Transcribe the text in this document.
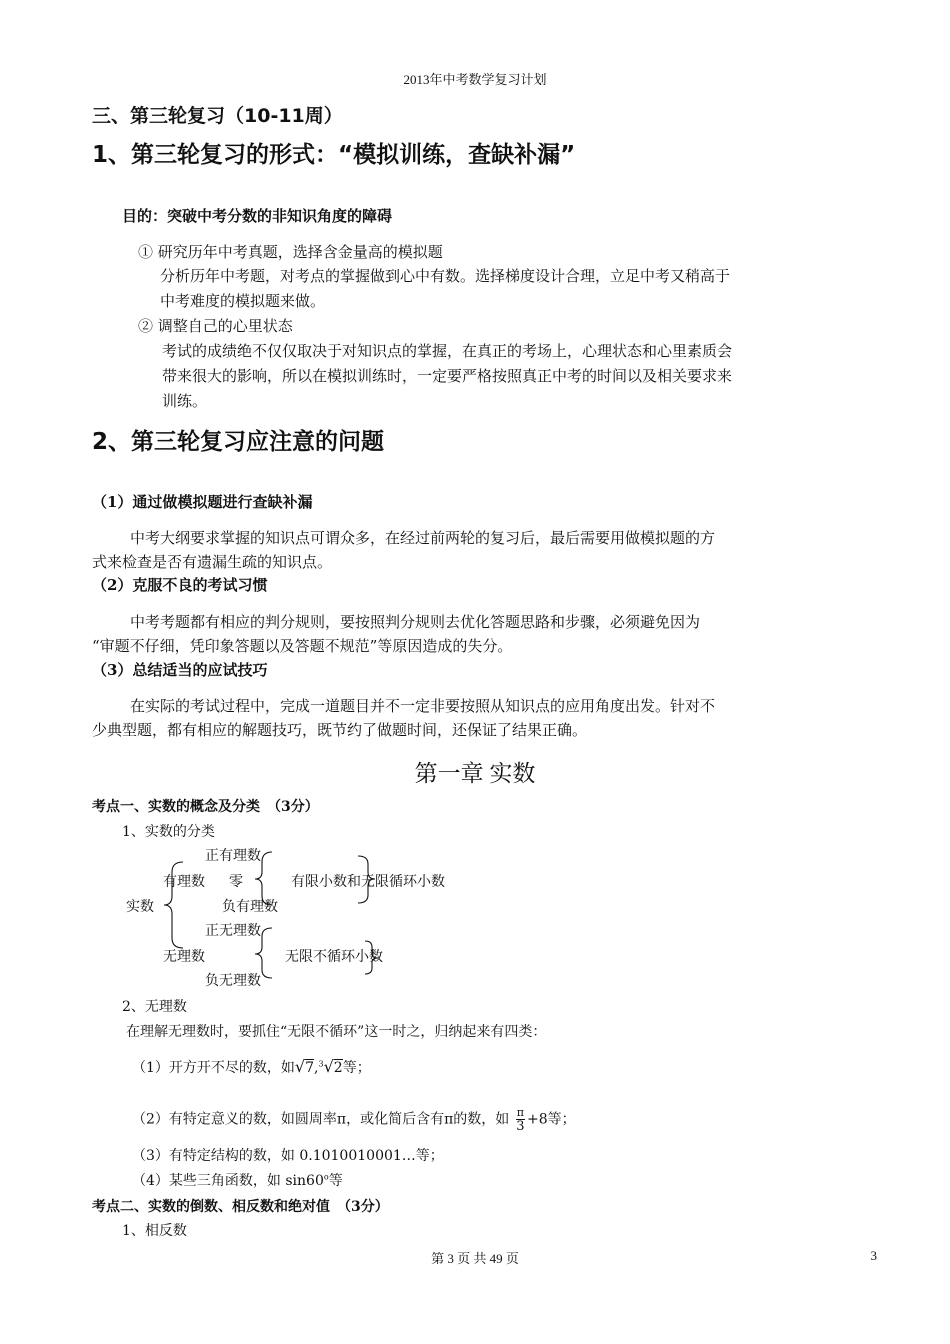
2013年中考数学复习计划
三、第三轮复习（10-11周）
1、第三轮复习的形式：“模拟训练，查缺补漏”
目的：突破中考分数的非知识角度的障碍
① 研究历年中考真题，选择含金量高的模拟题
分析历年中考题，对考点的掌握做到心中有数。选择梯度设计合理，立足中考又稍高于
中考难度的模拟题来做。
② 调整自己的心里状态
考试的成绩绝不仅仅取决于对知识点的掌握，在真正的考场上，心理状态和心里素质会
带来很大的影响，所以在模拟训练时，一定要严格按照真正中考的时间以及相关要求来
训练。
2、第三轮复习应注意的问题
（1）通过做模拟题进行查缺补漏
中考大纲要求掌握的知识点可谓众多，在经过前两轮的复习后，最后需要用做模拟题的方
式来检查是否有遗漏生疏的知识点。
（2）克服不良的考试习惯
中考考题都有相应的判分规则，要按照判分规则去优化答题思路和步骤，必须避免因为
“审题不仔细，凭印象答题以及答题不规范”等原因造成的失分。
（3）总结适当的应试技巧
在实际的考试过程中，完成一道题目并不一定非要按照从知识点的应用角度出发。针对不
少典型题，都有相应的解题技巧，既节约了做题时间，还保证了结果正确。
第一章 实数
考点一、实数的概念及分类　（3分）
1、实数的分类
正有理数
有理数 零	有限小数和无限循环小数
实数	负有理数
正无理数
无理数	无限不循环小数
负无理数
2、无理数
在理解无理数时，要抓住“无限不循环”这一时之，归纳起来有四类：
（1）开方开不尽的数，如√7,$^3$√2等；
（2）有特定意义的数，如圆周率π，或化简后含有π的数，如 π
3 +8等；
（3）有特定结构的数，如 0.1010010001…等；
（4）某些三角函数，如 sin60$^o$等
考点二、实数的倒数、相反数和绝对值　（3分）
1、相反数
第 3 页 共 49 页	3
